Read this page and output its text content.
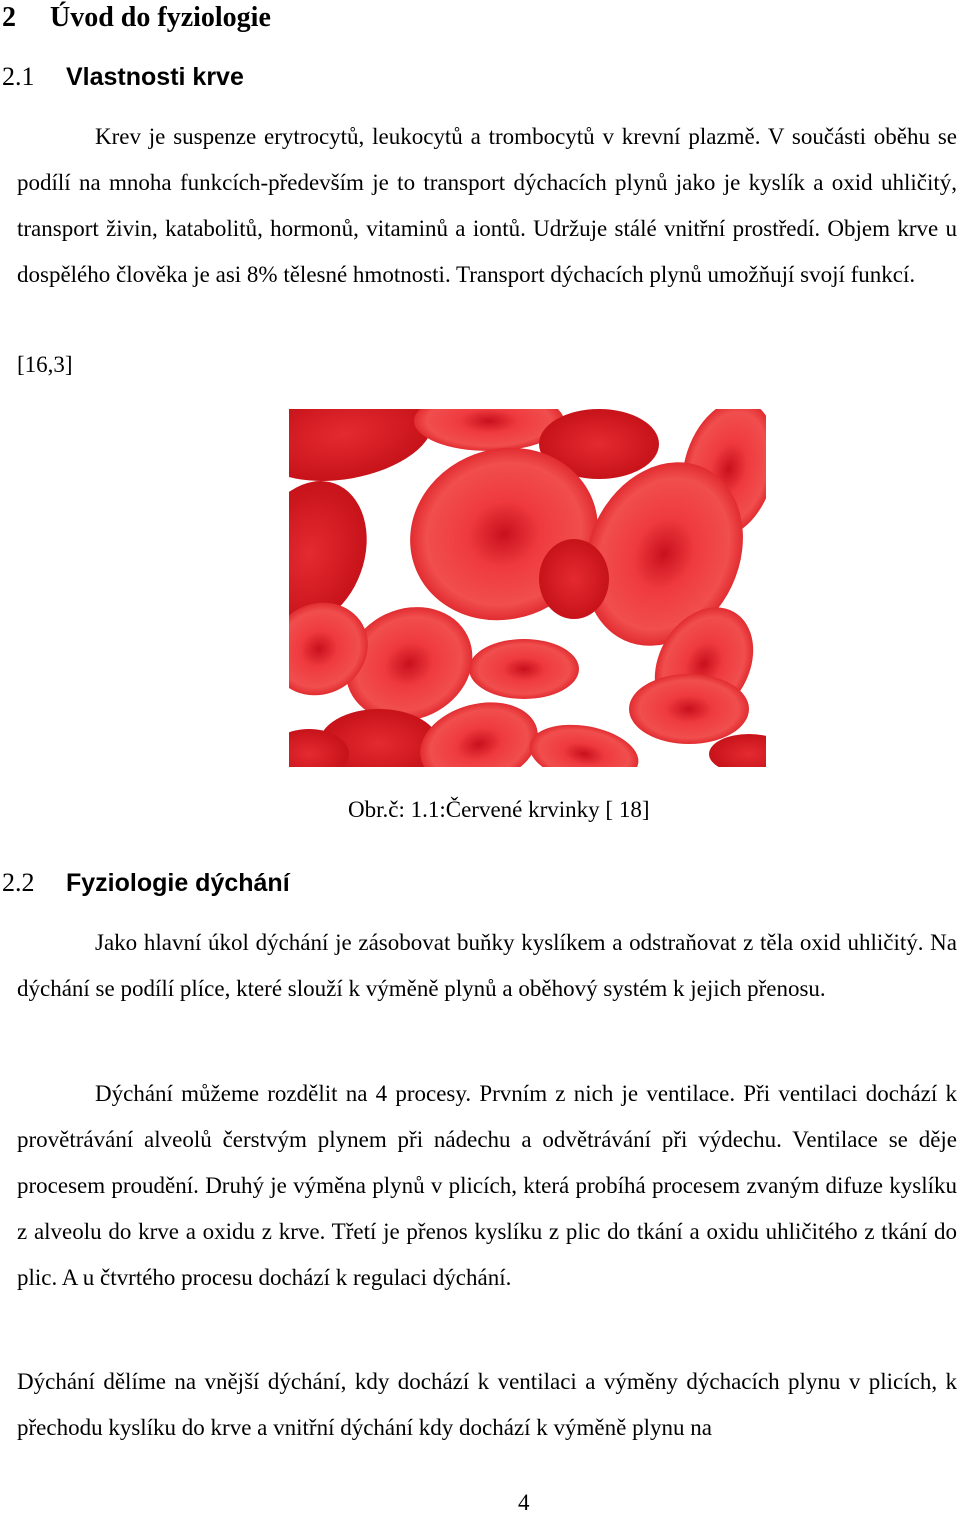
2 Úvod do fyziologie
2.1 Vlastnosti krve

Krev je suspenze erytrocytů, leukocytů a trombocytů v krevní plazmě. V součásti oběhu se podílí na mnoha funkcích-především je to transport dýchacích plynů jako je kyslík a oxid uhličitý, transport živin, katabolitů, hormonů, vitaminů a iontů. Udržuje stálé vnitřní prostředí. Objem krve u dospělého člověka je asi 8% tělesné hmotnosti. Transport dýchacích plynů umožňují svojí funkcí.

[16,3]
Obr.č: 1.1:Červené krvinky [ 18]
2.2 Fyziologie dýchání

Jako hlavní úkol dýchání je zásobovat buňky kyslíkem a odstraňovat z těla oxid uhličitý. Na dýchání se podílí plíce, které slouží k výměně plynů a oběhový systém k jejich přenosu.

Dýchání můžeme rozdělit na 4 procesy. Prvním z nich je ventilace. Při ventilaci dochází k provětrávání alveolů čerstvým plynem při nádechu a odvětrávání při výdechu. Ventilace se děje procesem proudění. Druhý je výměna plynů v plicích, která probíhá procesem zvaným difuze kyslíku z alveolu do krve a oxidu z krve. Třetí je přenos kyslíku z plic do tkání a oxidu uhličitého z tkání do plic. A u čtvrtého procesu dochází k regulaci dýchání.

Dýchání dělíme na vnější dýchání, kdy dochází k ventilaci a výměny dýchacích plynu v plicích, k přechodu kyslíku do krve a vnitřní dýchání kdy dochází k výměně plynu na

4
